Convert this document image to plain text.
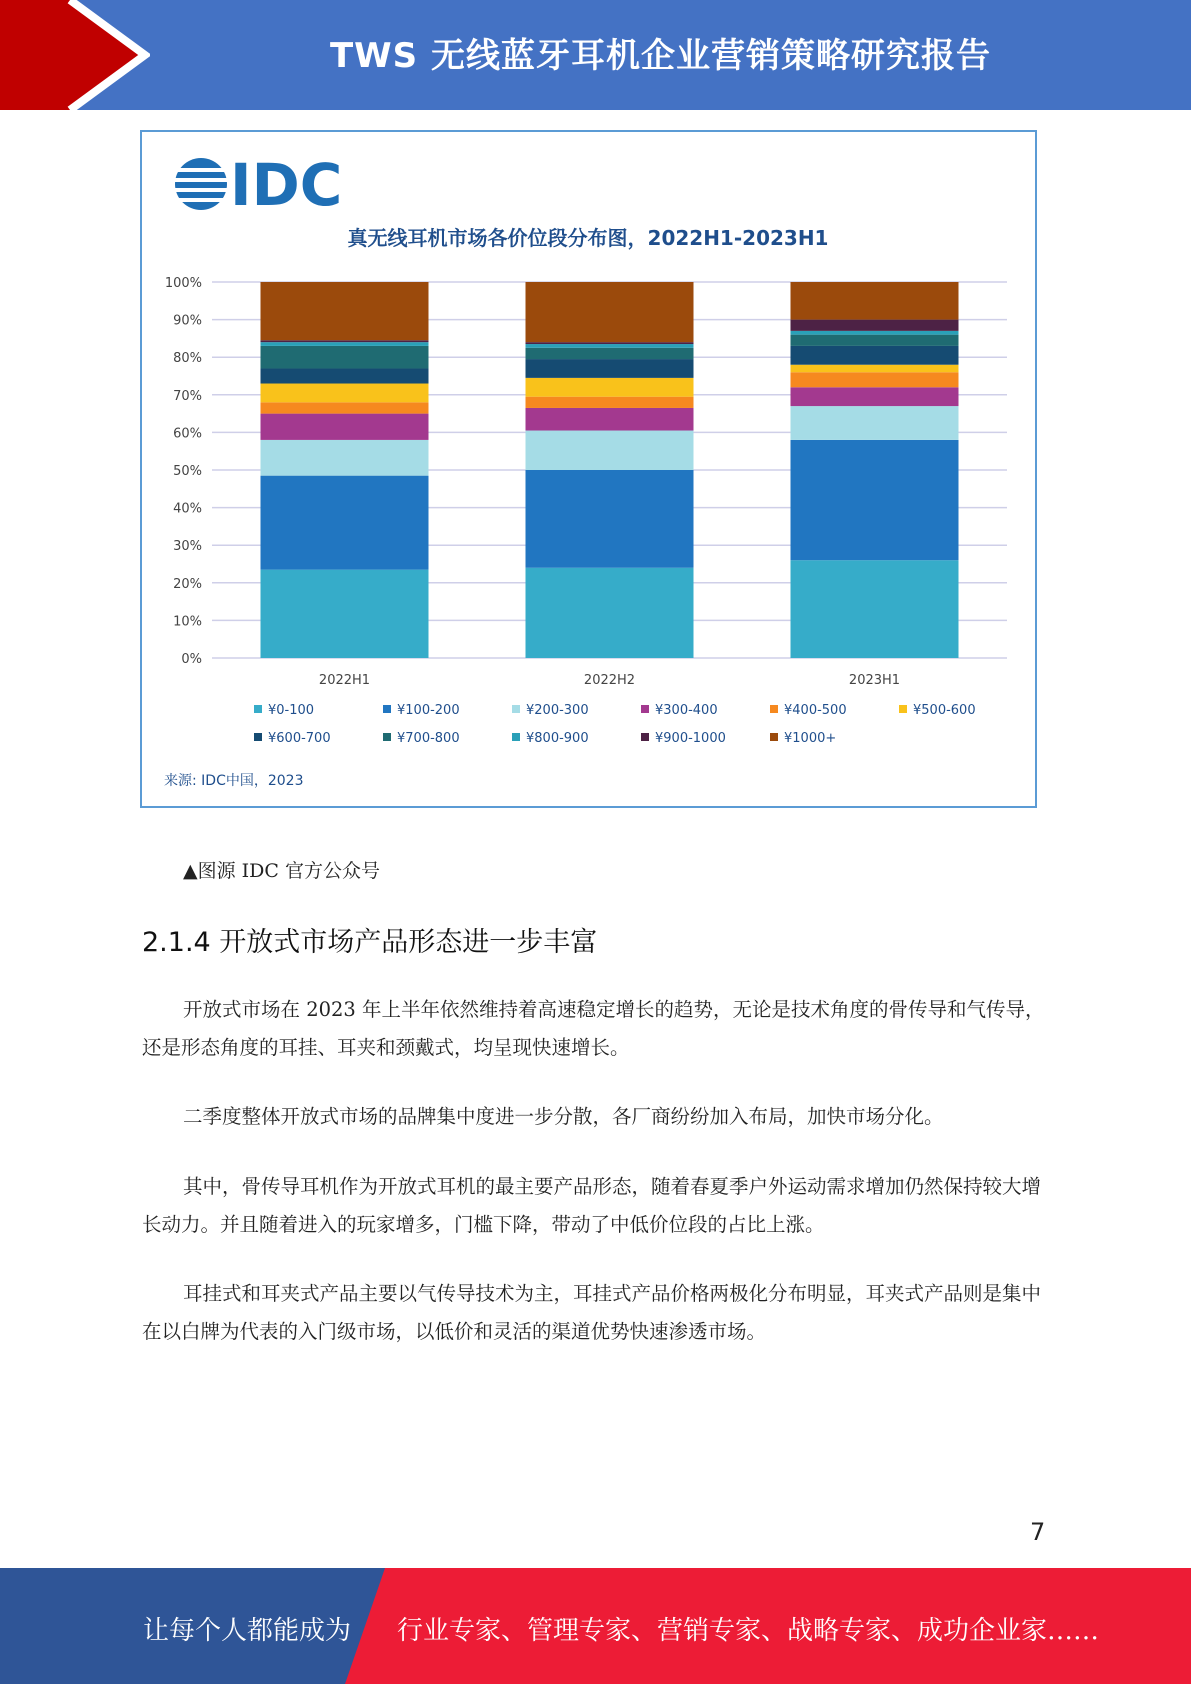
TWS 无线蓝牙耳机企业营销策略研究报告
IDC
真无线耳机市场各价位段分布图，2022H1-2023H1
0%
10%
20%
30%
40%
50%
60%
70%
80%
90%
100%
2022H1	2022H2	2023H1
¥0-100	¥100-200	¥200-300	¥300-400	¥400-500	¥500-600
¥600-700	¥700-800	¥800-900	¥900-1000	¥1000+
来源: IDC中国，2023
▲图源 IDC 官方公众号
2.1.4 开放式市场产品形态进一步丰富

开放式市场在 2023 年上半年依然维持着高速稳定增长的趋势，无论是技术角度的骨传导和气传导，还是形态角度的耳挂、耳夹和颈戴式，均呈现快速增长。

二季度整体开放式市场的品牌集中度进一步分散，各厂商纷纷加入布局，加快市场分化。

其中，骨传导耳机作为开放式耳机的最主要产品形态，随着春夏季户外运动需求增加仍然保持较大增长动力。并且随着进入的玩家增多，门槛下降，带动了中低价位段的占比上涨。

耳挂式和耳夹式产品主要以气传导技术为主，耳挂式产品价格两极化分布明显，耳夹式产品则是集中在以白牌为代表的入门级市场，以低价和灵活的渠道优势快速渗透市场。

7
让每个人都能成为 行业专家、管理专家、营销专家、战略专家、成功企业家……
